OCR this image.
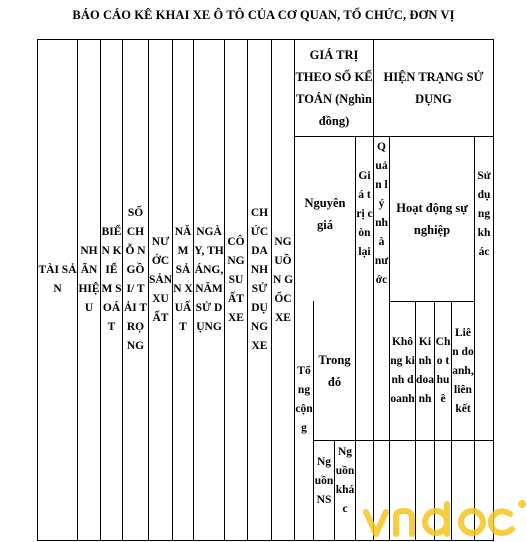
BÁO CÁO KÊ KHAI XE Ô TÔ CỦA CƠ QUAN, TỔ CHỨC, ĐƠN VỊ
TÀI SẢN
NHÃN HIỆU
BIỂN KIỂM SOÁT
SỐ CHỖ NGỒI/ TẢI TRỌNG
NƯỚC SẢN XUẤT
NĂM SẢN XUẤT
NGÀY, THÁNG, NĂM SỬ DỤNG
CÔNG SUẤT XE
CHỨC DANH SỬ DỤNG XE
NGUỒN GỐC XE
GIÁ TRỊ THEO SỔ KẾ TOÁN (Nghìn đồng)
HIỆN TRẠNG SỬ DỤNG
Nguyên giá
Giá trị còn lại
Quản lý nhà nước
Hoạt động sự nghiệp
Sử dụng khác
Tổng cộng
Trong đó
Không kinh doanh
Kinh doanh
Cho thuê
Liên doanh, liên kết
Nguồn NS
Nguồn khác
